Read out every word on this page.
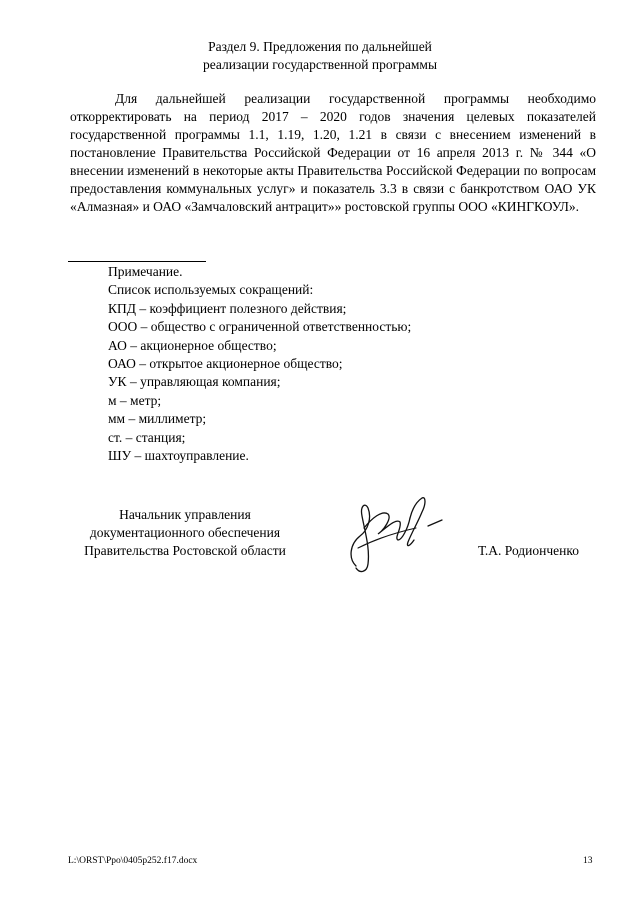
Раздел 9. Предложения по дальнейшей
реализации государственной программы

Для дальнейшей реализации государственной программы необходимо откорректировать на период 2017 – 2020 годов значения целевых показателей государственной программы 1.1, 1.19, 1.20, 1.21 в связи с внесением изменений в постановление Правительства Российской Федерации от 16 апреля 2013 г. № 344 «О внесении изменений в некоторые акты Правительства Российской Федерации по вопросам предоставления коммунальных услуг» и показатель 3.3 в связи с банкротством ОАО УК «Алмазная» и ОАО «Замчаловский антрацит»» ростовской группы ООО «КИНГКОУЛ».

Примечание.
Список используемых сокращений:
КПД – коэффициент полезного действия;
ООО – общество с ограниченной ответственностью;
АО – акционерное общество;
ОАО – открытое акционерное общество;
УК – управляющая компания;
м – метр;
мм – миллиметр;
ст. – станция;
ШУ – шахтоуправление.
Начальник управления
документационного обеспечения
Правительства Ростовской области	Т.А. Родионченко
L:\ORST\Ppo\0405p252.f17.docx	13
